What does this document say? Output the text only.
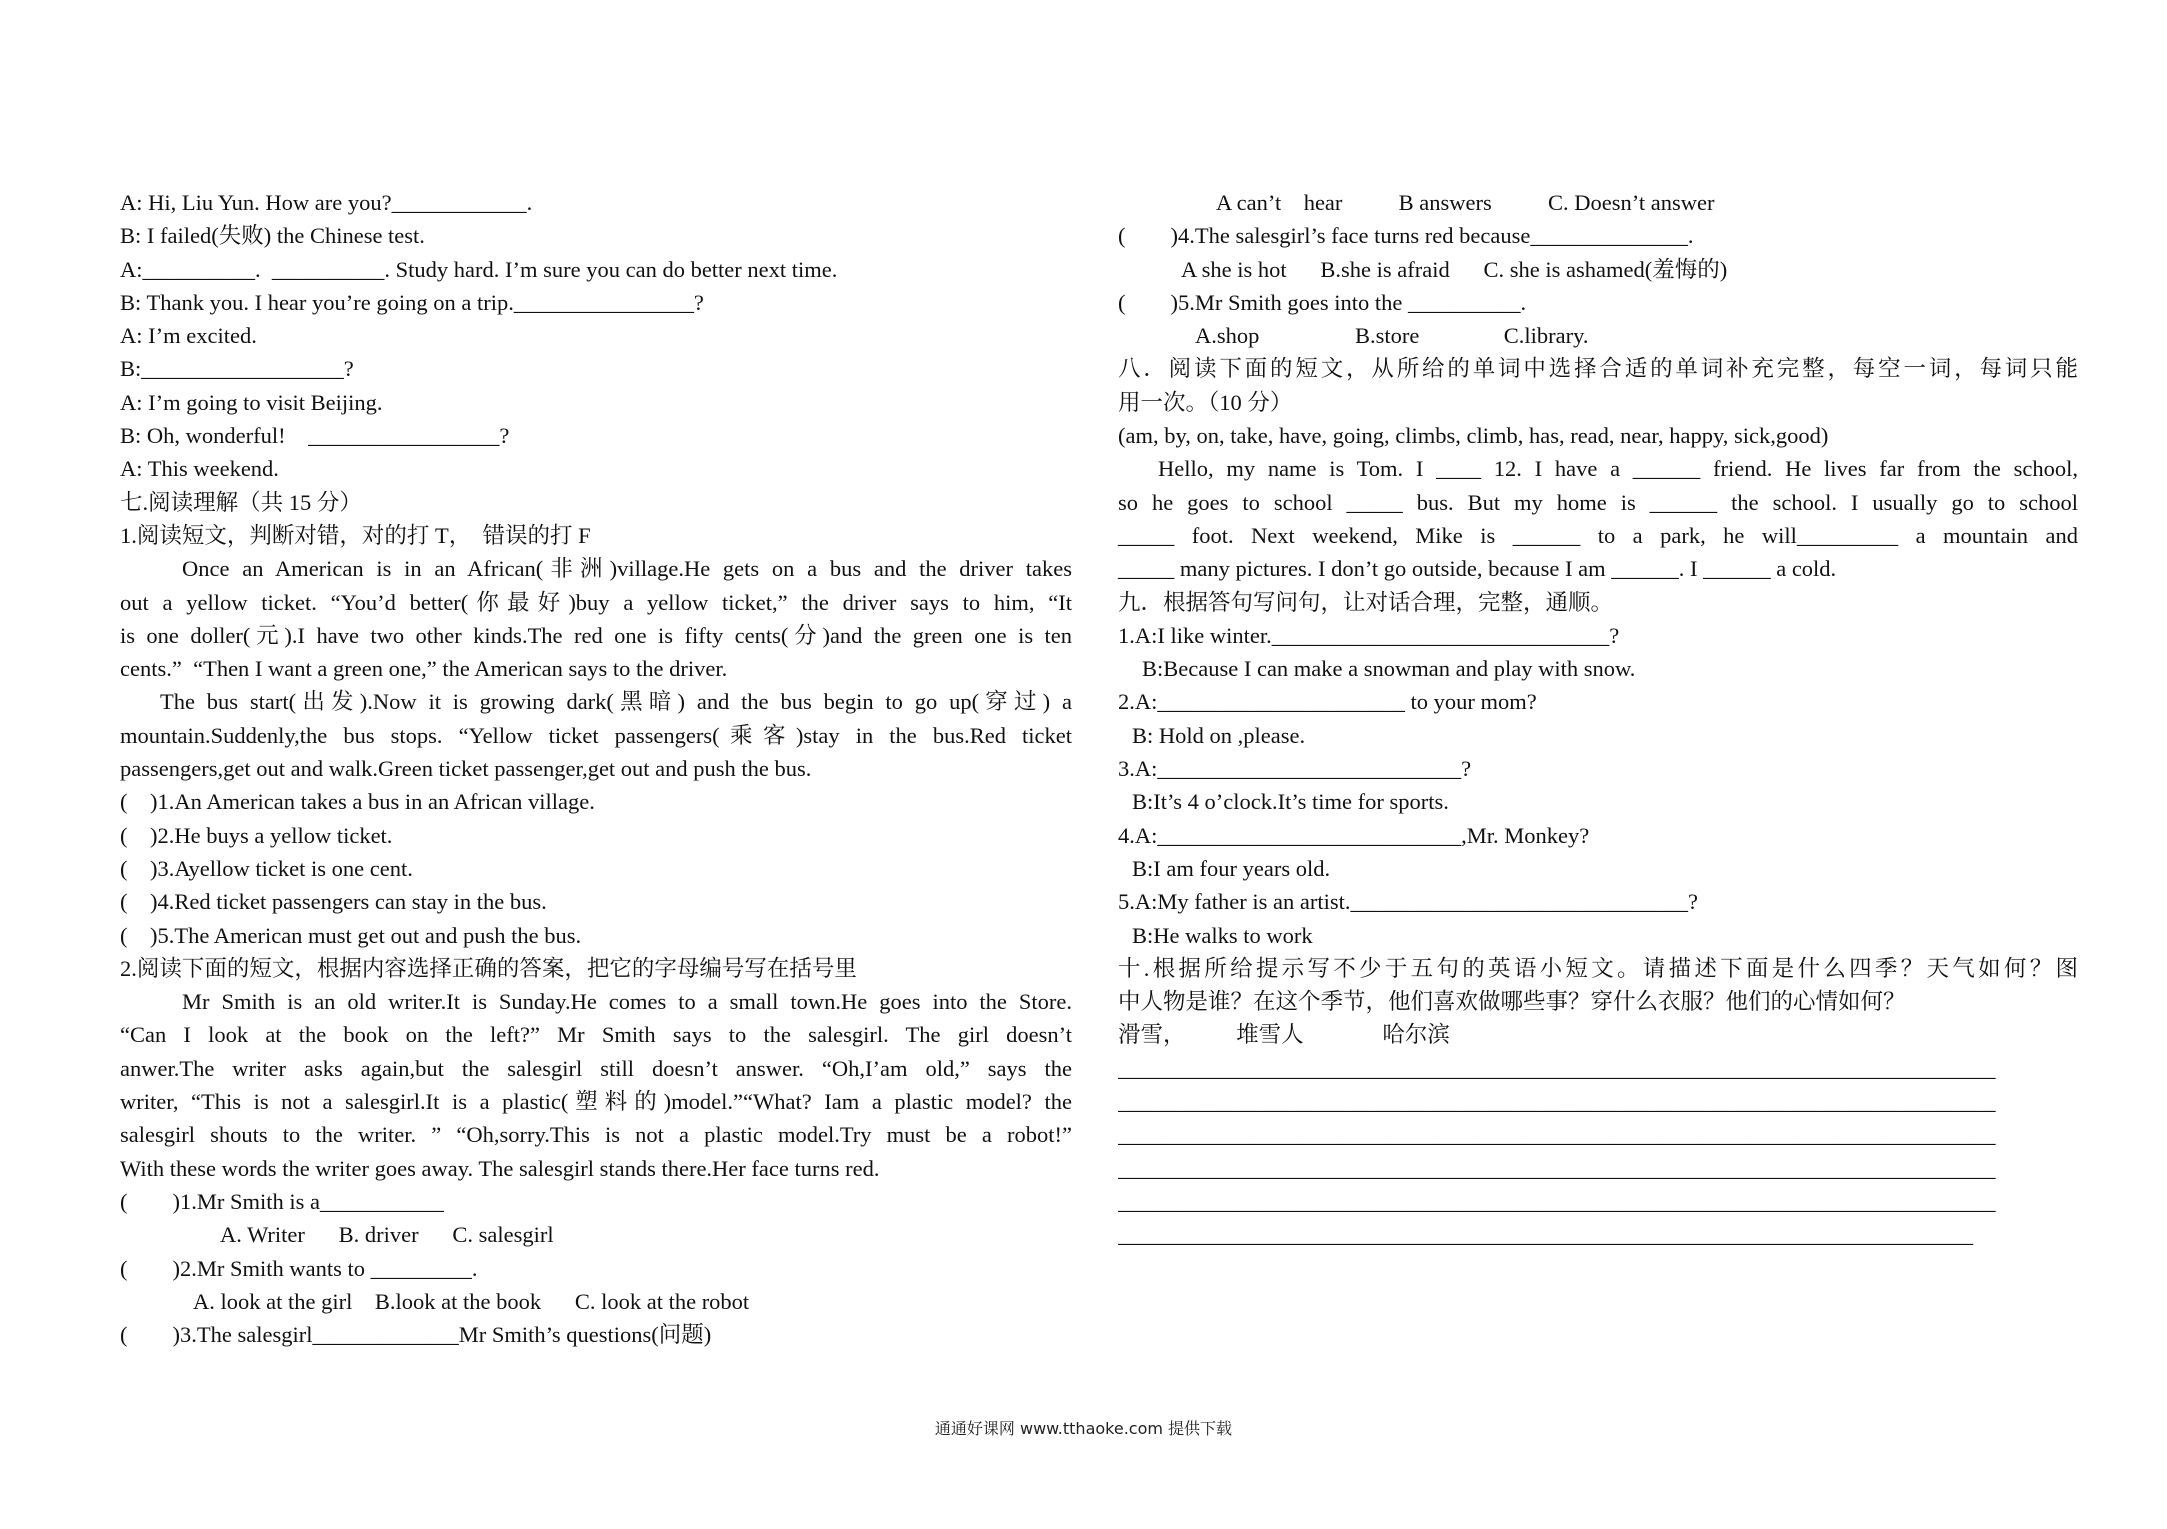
A: Hi, Liu Yun. How are you?____________.
B: I failed(失败) the Chinese test.
A:__________.  __________. Study hard. I’m sure you can do better next time.
B: Thank you. I hear you’re going on a trip.________________?
A: I’m excited.
B:__________________?
A: I’m going to visit Beijing.
B: Oh, wonderful!    _________________?
A: This weekend.
七.阅读理解（共 15 分）
1.阅读短文，判断对错，对的打 T，  错误的打 F
Once an American is in an African(非洲)village.He gets on a bus and the driver takes
out a yellow ticket. “You’d better(你最好)buy a yellow ticket,” the driver says to him, “It
is one doller(元).I have two other kinds.The red one is fifty cents(分)and the green one is ten
cents.”  “Then I want a green one,” the American says to the driver.
The bus start(出发).Now it is growing dark(黑暗) and the bus begin to go up(穿过) a
mountain.Suddenly,the bus stops. “Yellow ticket passengers(乘客)stay in the bus.Red ticket
passengers,get out and walk.Green ticket passenger,get out and push the bus.
(    )1.An American takes a bus in an African village.
(    )2.He buys a yellow ticket.
(    )3.Ayellow ticket is one cent.
(    )4.Red ticket passengers can stay in the bus.
(    )5.The American must get out and push the bus.
2.阅读下面的短文，根据内容选择正确的答案，把它的字母编号写在括号里
Mr Smith is an old writer.It is Sunday.He comes to a small town.He goes into the Store.
“Can I look at the book on the left?” Mr Smith says to the salesgirl. The girl doesn’t
anwer.The writer asks again,but the salesgirl still doesn’t answer. “Oh,I’am old,” says the
writer, “This is not a salesgirl.It is a plastic(塑料的)model.”“What? Iam a plastic model? the
salesgirl shouts to the writer. ” “Oh,sorry.This is not a plastic model.Try must be a robot!”
With these words the writer goes away. The salesgirl stands there.Her face turns red.
(        )1.Mr Smith is a___________
A. Writer      B. driver      C. salesgirl
(        )2.Mr Smith wants to _________.
A. look at the girl    B.look at the book      C. look at the robot
(        )3.The salesgirl_____________Mr Smith’s questions(问题)
A can’t    hear          B answers          C. Doesn’t answer
(        )4.The salesgirl’s face turns red because______________.
A she is hot      B.she is afraid      C. she is ashamed(羞悔的)
(        )5.Mr Smith goes into the __________.
A.shop                 B.store               C.library.
八．阅读下面的短文，从所给的单词中选择合适的单词补充完整，每空一词，每词只能
用一次。（10 分）
(am, by, on, take, have, going, climbs, climb, has, read, near, happy, sick,good)
Hello, my name is Tom. I ____ 12. I have a ______ friend. He lives far from the school,
so he goes to school _____ bus. But my home is ______ the school. I usually go to school
_____ foot. Next weekend, Mike is ______ to a park, he will_________ a mountain and
_____ many pictures. I don’t go outside, because I am ______. I ______ a cold.
九．根据答句写问句，让对话合理，完整，通顺。
1.A:I like winter.______________________________?
B:Because I can make a snowman and play with snow.
2.A:______________________ to your mom?
B: Hold on ,please.
3.A:___________________________?
B:It’s 4 o’clock.It’s time for sports.
4.A:___________________________,Mr. Monkey?
B:I am four years old.
5.A:My father is an artist.______________________________?
B:He walks to work
十.根据所给提示写不少于五句的英语小短文。请描述下面是什么四季？天气如何？图
中人物是谁？在这个季节，他们喜欢做哪些事？穿什么衣服？他们的心情如何？
滑雪，         堆雪人              哈尔滨
______________________________________________________________________________
______________________________________________________________________________
______________________________________________________________________________
______________________________________________________________________________
______________________________________________________________________________
____________________________________________________________________________
通通好课网 www.tthaoke.com 提供下载
